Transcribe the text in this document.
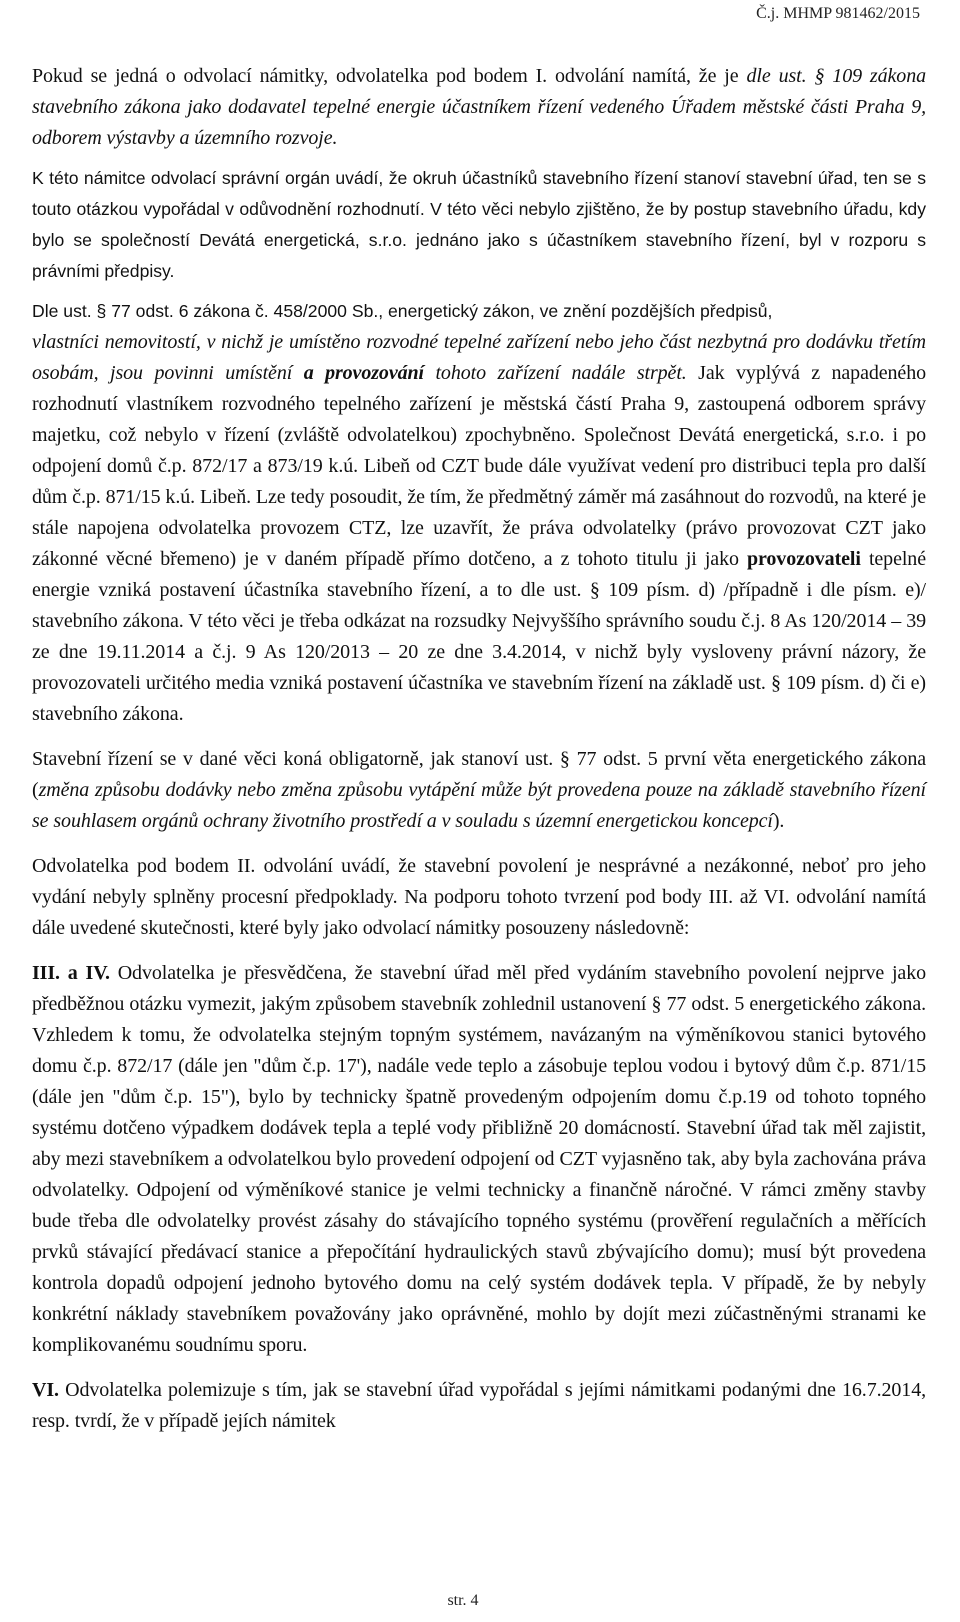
Č.j. MHMP 981462/2015

Pokud se jedná o odvolací námitky, odvolatelka pod bodem I. odvolání namítá, že je dle ust. § 109 zákona stavebního zákona jako dodavatel tepelné energie účastníkem řízení vedeného Úřadem městské části Praha 9, odborem výstavby a územního rozvoje.

K této námitce odvolací správní orgán uvádí, že okruh účastníků stavebního řízení stanoví stavební úřad, ten se s touto otázkou vypořádal v odůvodnění rozhodnutí. V této věci nebylo zjištěno, že by postup stavebního úřadu, kdy bylo se společností Devátá energetická, s.r.o. jednáno jako s účastníkem stavebního řízení, byl v rozporu s právními předpisy.

Dle ust. § 77 odst. 6 zákona č. 458/2000 Sb., energetický zákon, ve znění pozdějších předpisů,

vlastníci nemovitostí, v nichž je umístěno rozvodné tepelné zařízení nebo jeho část nezbytná pro dodávku třetím osobám, jsou povinni umístění a provozování tohoto zařízení nadále strpět. Jak vyplývá z napadeného rozhodnutí vlastníkem rozvodného tepelného zařízení je městská částí Praha 9, zastoupená odborem správy majetku, což nebylo v řízení (zvláště odvolatelkou) zpochybněno. Společnost Devátá energetická, s.r.o. i po odpojení domů č.p. 872/17 a 873/19 k.ú. Libeň od CZT bude dále využívat vedení pro distribuci tepla pro další dům č.p. 871/15 k.ú. Libeň. Lze tedy posoudit, že tím, že předmětný záměr má zasáhnout do rozvodů, na které je stále napojena odvolatelka provozem CTZ, lze uzavřít, že práva odvolatelky (právo provozovat CZT jako zákonné věcné břemeno) je v daném případě přímo dotčeno, a z tohoto titulu ji jako provozovateli tepelné energie vzniká postavení účastníka stavebního řízení, a to dle ust. § 109 písm. d) /případně i dle písm. e)/ stavebního zákona. V této věci je třeba odkázat na rozsudky Nejvyššího správního soudu č.j. 8 As 120/2014 – 39 ze dne 19.11.2014 a č.j. 9 As 120/2013 – 20 ze dne 3.4.2014, v nichž byly vysloveny právní názory, že provozovateli určitého media vzniká postavení účastníka ve stavebním řízení na základě ust. § 109 písm. d) či e) stavebního zákona.

Stavební řízení se v dané věci koná obligatorně, jak stanoví ust. § 77 odst. 5 první věta energetického zákona (změna způsobu dodávky nebo změna způsobu vytápění může být provedena pouze na základě stavebního řízení se souhlasem orgánů ochrany životního prostředí a v souladu s územní energetickou koncepcí).

Odvolatelka pod bodem II. odvolání uvádí, že stavební povolení je nesprávné a nezákonné, neboť pro jeho vydání nebyly splněny procesní předpoklady. Na podporu tohoto tvrzení pod body III. až VI. odvolání namítá dále uvedené skutečnosti, které byly jako odvolací námitky posouzeny následovně:

III. a IV. Odvolatelka je přesvědčena, že stavební úřad měl před vydáním stavebního povolení nejprve jako předběžnou otázku vymezit, jakým způsobem stavebník zohlednil ustanovení § 77 odst. 5 energetického zákona. Vzhledem k tomu, že odvolatelka stejným topným systémem, navázaným na výměníkovou stanici bytového domu č.p. 872/17 (dále jen "dům č.p. 17'), nadále vede teplo a zásobuje teplou vodou i bytový dům č.p. 871/15 (dále jen "dům č.p. 15"), bylo by technicky špatně provedeným odpojením domu č.p.19 od tohoto topného systému dotčeno výpadkem dodávek tepla a teplé vody přibližně 20 domácností. Stavební úřad tak měl zajistit, aby mezi stavebníkem a odvolatelkou bylo provedení odpojení od CZT vyjasněno tak, aby byla zachována práva odvolatelky. Odpojení od výměníkové stanice je velmi technicky a finančně náročné. V rámci změny stavby bude třeba dle odvolatelky provést zásahy do stávajícího topného systému (prověření regulačních a měřících prvků stávající předávací stanice a přepočítání hydraulických stavů zbývajícího domu); musí být provedena kontrola dopadů odpojení jednoho bytového domu na celý systém dodávek tepla. V případě, že by nebyly konkrétní náklady stavebníkem považovány jako oprávněné, mohlo by dojít mezi zúčastněnými stranami ke komplikovanému soudnímu sporu.

VI. Odvolatelka polemizuje s tím, jak se stavební úřad vypořádal s jejími námitkami podanými dne 16.7.2014, resp. tvrdí, že v případě jejích námitek

str. 4
